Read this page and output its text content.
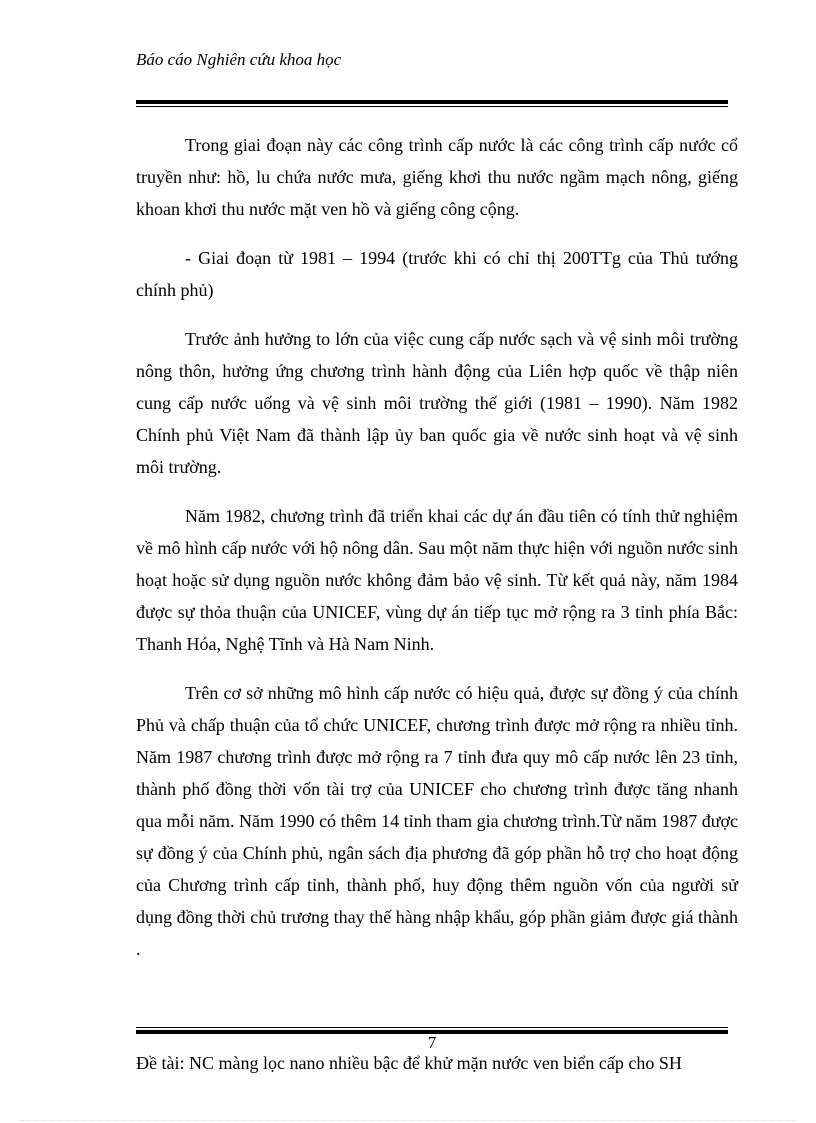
Báo cáo Nghiên cứu khoa học

Trong giai đoạn này các công trình cấp nước là các công trình cấp nước cổ truyền như: hồ, lu chứa nước mưa, giếng khơi thu nước ngầm mạch nông, giếng khoan khơi thu nước mặt ven hồ và giếng công cộng.

- Giai đoạn từ 1981 – 1994 (trước khi có chỉ thị 200TTg của Thủ tướng chính phủ)

Trước ảnh hưởng to lớn của việc cung cấp nước sạch và vệ sinh môi trường nông thôn, hưởng ứng chương trình hành động của Liên hợp quốc về thập niên cung cấp nước uống và vệ sinh môi trường thế giới (1981 – 1990). Năm 1982 Chính phủ Việt Nam đã thành lập ủy ban quốc gia về nước sinh hoạt và vệ sinh môi trường.

Năm 1982, chương trình đã triển khai các dự án đầu tiên có tính thử nghiệm về mô hình cấp nước với hộ nông dân. Sau một năm thực hiện với nguồn nước sinh hoạt hoặc sử dụng nguồn nước không đảm bảo vệ sinh. Từ kết quả này, năm 1984 được sự thỏa thuận của UNICEF, vùng dự án tiếp tục mở rộng ra 3 tỉnh phía Bắc: Thanh Hóa, Nghệ Tĩnh và Hà Nam Ninh.

Trên cơ sở những mô hình cấp nước có hiệu quả, được sự đồng ý của chính Phủ và chấp thuận của tổ chức UNICEF, chương trình được mở rộng ra nhiều tỉnh. Năm 1987 chương trình được mở rộng ra 7 tỉnh đưa quy mô cấp nước lên 23 tỉnh, thành phố đồng thời vốn tài trợ của UNICEF cho chương trình được tăng nhanh qua mỗi năm. Năm 1990 có thêm 14 tỉnh tham gia chương trình.Từ năm 1987 được sự đồng ý của Chính phủ, ngân sách địa phương đã góp phần hỗ trợ cho hoạt động của Chương trình cấp tỉnh, thành phố, huy động thêm nguồn vốn của người sử dụng đồng thời chủ trương thay thế hàng nhập khẩu, góp phần giảm được giá thành .

7
Đề tài: NC màng lọc nano nhiều bậc để khử mặn nước ven biển cấp cho SH
